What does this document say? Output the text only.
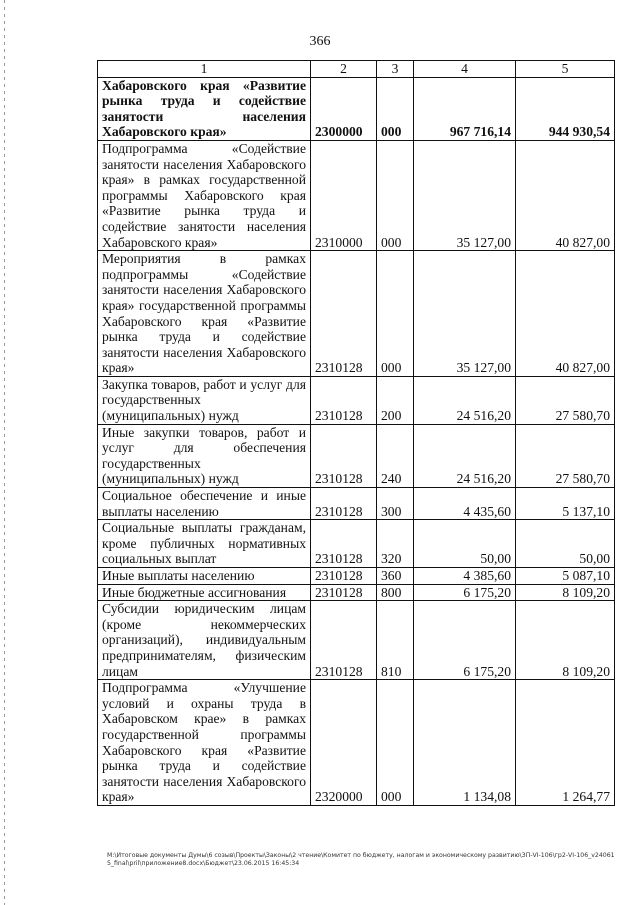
366
1	2	3	4	5
Хабаровского края «Развитие рынка труда и содействие занятости населения Хабаровского края»	2300000	000	967 716,14	944 930,54
Подпрограмма «Содействие занятости населения Хабаровского края» в рамках государственной программы Хабаровского края «Развитие рынка труда и содействие занятости населения Хабаровского края»	2310000	000	35 127,00	40 827,00
Мероприятия в рамках подпрограммы «Содействие занятости населения Хабаровского края» государственной программы Хабаровского края «Развитие рынка труда и содействие занятости населения Хабаровского края»	2310128	000	35 127,00	40 827,00
Закупка товаров, работ и услуг для государственных (муниципальных) нужд	2310128	200	24 516,20	27 580,70
Иные закупки товаров, работ и услуг для обеспечения государственных (муниципальных) нужд	2310128	240	24 516,20	27 580,70
Социальное обеспечение и иные выплаты населению	2310128	300	4 435,60	5 137,10
Социальные выплаты гражданам, кроме публичных нормативных социальных выплат	2310128	320	50,00	50,00
Иные выплаты населению	2310128	360	4 385,60	5 087,10
Иные бюджетные ассигнования	2310128	800	6 175,20	8 109,20
Субсидии юридическим лицам (кроме некоммерческих организаций), индивидуальным предпринимателям, физическим лицам	2310128	810	6 175,20	8 109,20
Подпрограмма «Улучшение условий и охраны труда в Хабаровском крае» в рамках государственной программы Хабаровского края «Развитие рынка труда и содействие занятости населения Хабаровского края»	2320000	000	1 134,08	1 264,77
M:\Итоговые документы Думы\6 созыв\Проекты\Законы\2 чтение\Комитет по бюджету, налогам и экономическому развитию\ЗП-VI-106\гр2-VI-106_v240615_final\pril\приложение8.docx\Бюджет\23.06.2015 16:45:34
